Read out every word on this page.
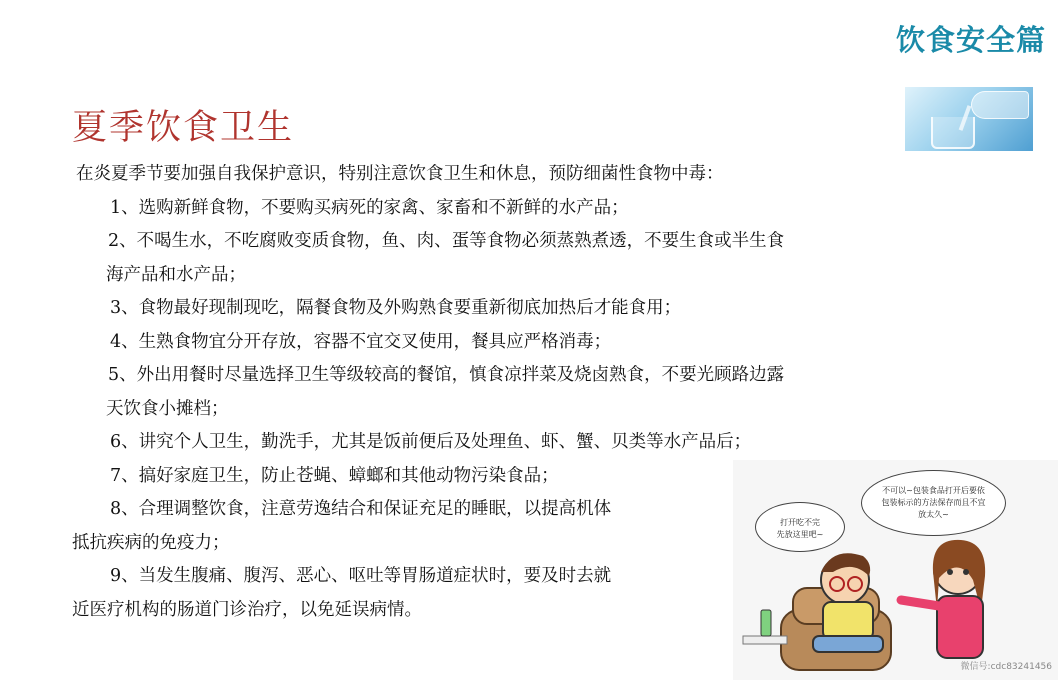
饮食安全篇
夏季饮食卫生

在炎夏季节要加强自我保护意识，特别注意饮食卫生和休息，预防细菌性食物中毒：

1、选购新鲜食物，不要购买病死的家禽、家畜和不新鲜的水产品；

2、不喝生水，不吃腐败变质食物，鱼、肉、蛋等食物必须蒸熟煮透，不要生食或半生食
海产品和水产品；

3、食物最好现制现吃，隔餐食物及外购熟食要重新彻底加热后才能食用；

4、生熟食物宜分开存放，容器不宜交叉使用，餐具应严格消毒；

5、外出用餐时尽量选择卫生等级较高的餐馆，慎食凉拌菜及烧卤熟食，不要光顾路边露
天饮食小摊档；

6、讲究个人卫生，勤洗手，尤其是饭前便后及处理鱼、虾、蟹、贝类等水产品后；

7、搞好家庭卫生，防止苍蝇、蟑螂和其他动物污染食品；

8、合理调整饮食，注意劳逸结合和保证充足的睡眠，以提高机体
抵抗疾病的免疫力；

9、当发生腹痛、腹泻、恶心、呕吐等胃肠道症状时，要及时去就
近医疗机构的肠道门诊治疗，以免延误病情。

打开吃不完
先放这里吧~
不可以~包装食品打开后要依
包装标示的方法保存而且不宜
放太久~
微信号:cdc83241456
